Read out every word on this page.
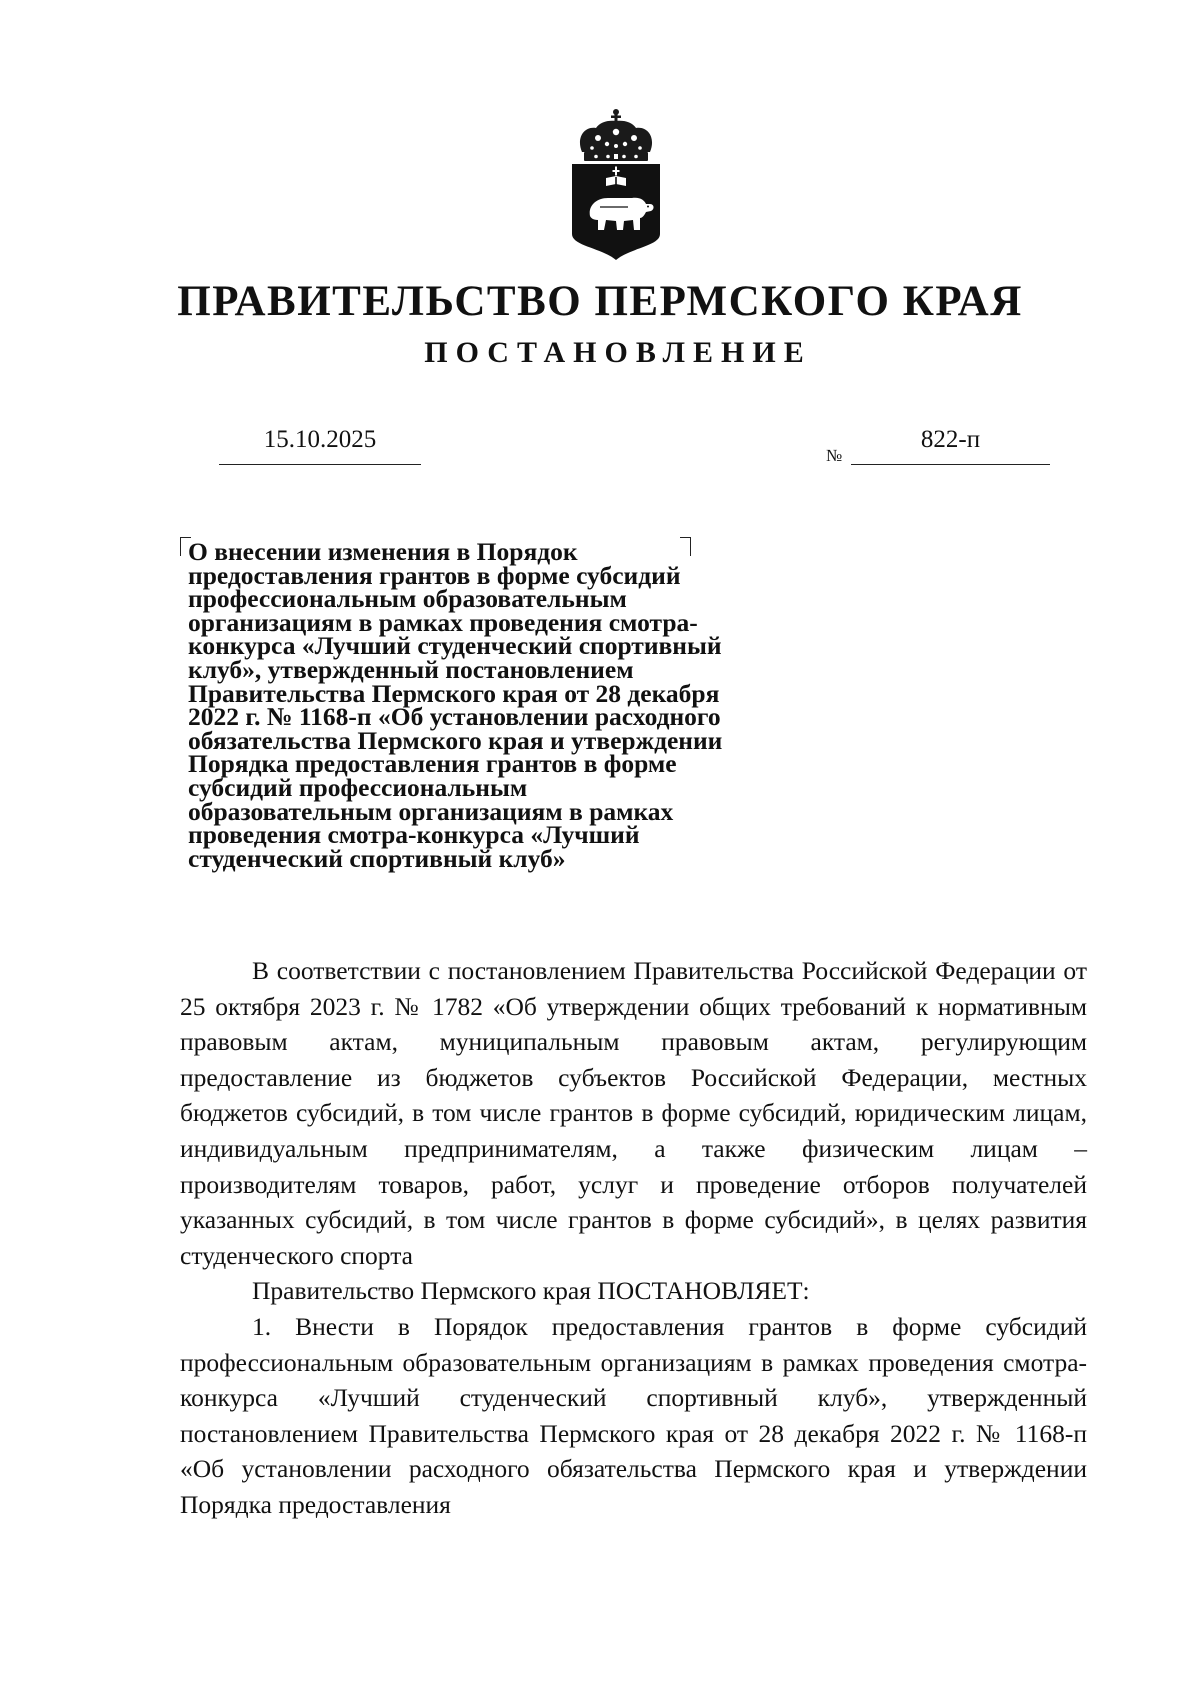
ПРАВИТЕЛЬСТВО ПЕРМСКОГО КРАЯ
ПОСТАНОВЛЕНИЕ
15.10.2025
№
822-п
О внесении изменения в Порядок
предоставления грантов в форме субсидий
профессиональным образовательным
организациям в рамках проведения смотра-
конкурса «Лучший студенческий спортивный
клуб», утвержденный постановлением
Правительства Пермского края от 28 декабря
2022 г. № 1168-п «Об установлении расходного
обязательства Пермского края и утверждении
Порядка предоставления грантов в форме
субсидий профессиональным
образовательным организациям в рамках
проведения смотра-конкурса «Лучший
студенческий спортивный клуб»

В соответствии с постановлением Правительства Российской Федерации от 25 октября 2023 г. № 1782 «Об утверждении общих требований к нормативным правовым актам, муниципальным правовым актам, регулирующим предоставление из бюджетов субъектов Российской Федерации, местных бюджетов субсидий, в том числе грантов в форме субсидий, юридическим лицам, индивидуальным предпринимателям, а также физическим лицам – производителям товаров, работ, услуг и проведение отборов получателей указанных субсидий, в том числе грантов в форме субсидий», в целях развития студенческого спорта

Правительство Пермского края ПОСТАНОВЛЯЕТ:

1. Внести в Порядок предоставления грантов в форме субсидий профессиональным образовательным организациям в рамках проведения смотра-конкурса «Лучший студенческий спортивный клуб», утвержденный постановлением Правительства Пермского края от 28 декабря 2022 г. № 1168-п «Об установлении расходного обязательства Пермского края и утверждении Порядка предоставления
